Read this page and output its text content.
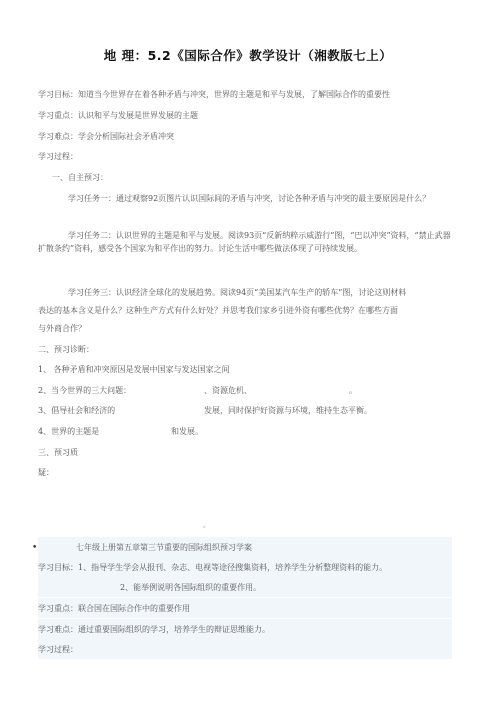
地 理：5.2《国际合作》教学设计（湘教版七上）
学习目标：知道当今世界存在着各种矛盾与冲突，世界的主题是和平与发展，了解国际合作的重要性
学习重点：认识和平与发展是世界发展的主题
学习难点：学会分析国际社会矛盾冲突
学习过程：
一、自主预习：
学习任务一：通过观察92页图片认识国际间的矛盾与冲突，讨论各种矛盾与冲突的最主要原因是什么？
学习任务二：认识世界的主题是和平与发展。阅读93页“反新纳粹示威游行”图，“巴以冲突”资料，“禁止武器扩散条约”资料，感受各个国家为和平作出的努力。讨论生活中哪些做法体现了可持续发展。
学习任务三：认识经济全球化的发展趋势。阅读94页“美国某汽车生产的轿车”图，讨论这则材料
表达的基本含义是什么？这种生产方式有什么好处？并思考我们家乡引进外资有哪些优势？在哪些方面
与外商合作？
二、预习诊断：
1、 各种矛盾和冲突原因是发展中国家与发达国家之间
2、当今世界的三大问题：	、资源危机、	。
3、倡导社会和经济的	发展，同时保护好资源与环境，维持生态平衡。
4、世界的主题是	和发展。
三、预习质
疑：
。
•	七年级上册第五章第三节重要的国际组织预习学案
学习目标：1、指导学生学会从报刊、杂志、电视等途径搜集资料，培养学生分析整理资料的能力。
2、能举例说明各国际组织的重要作用。
学习重点：联合国在国际合作中的重要作用
学习难点：通过重要国际组织的学习，培养学生的辩证思维能力。
学习过程：
